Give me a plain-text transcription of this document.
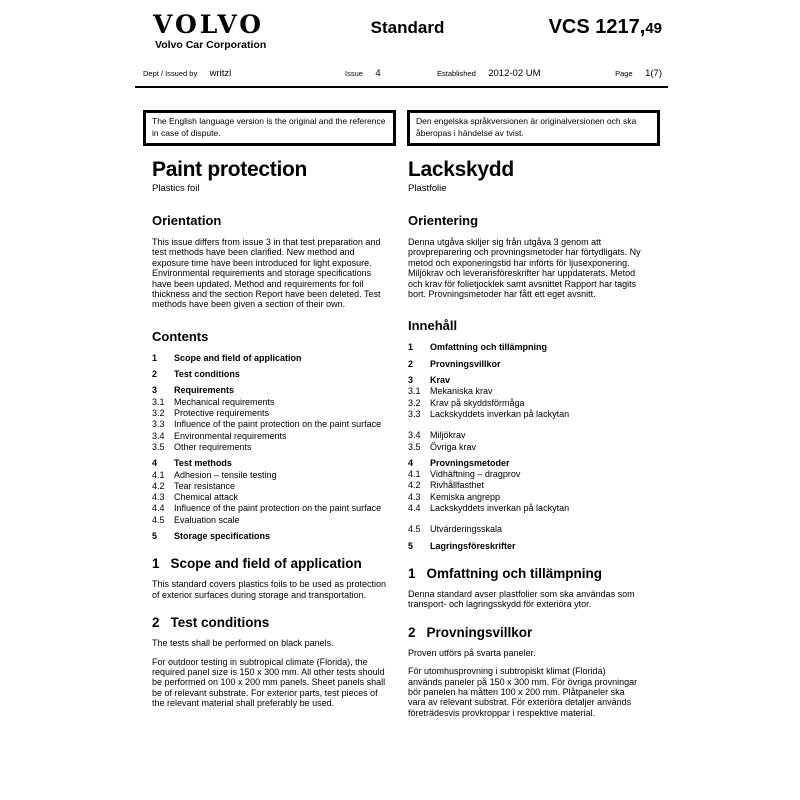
VOLVO
Volvo Car Corporation
Standard	VCS 1217,49
Dept / Issued by writzl	Issue 4	Established 2012-02 UM	Page 1(7)
The English language version is the original and the reference in case of dispute.
Den engelska språkversionen är originalversionen och ska åberopas i händelse av tvist.
Paint protection
Plastics foil
Orientation

This issue differs from issue 3 in that test preparation and test methods have been clarified. New method and exposure time have been introduced for light exposure. Environmental requirements and storage specifications have been updated. Method and requirements for foil thickness and the section Report have been deleted. Test methods have been given a section of their own.

Contents
1	Scope and field of application
2	Test conditions
3	Requirements
3.1	Mechanical requirements
3.2	Protective requirements
3.3	Influence of the paint protection on the paint surface
3.4	Environmental requirements
3.5	Other requirements
4	Test methods
4.1	Adhesion – tensile testing
4.2	Tear resistance
4.3	Chemical attack
4.4	Influence of the paint protection on the paint surface
4.5	Evaluation scale
5	Storage specifications
1 Scope and field of application

This standard covers plastics foils to be used as protection of exterior surfaces during storage and transportation.

2 Test conditions

The tests shall be performed on black panels.

For outdoor testing in subtropical climate (Florida), the required panel size is 150 x 300 mm. All other tests should be performed on 100 x 200 mm panels. Sheet panels shall be of relevant substrate. For exterior parts, test pieces of the relevant material shall preferably be used.

Lackskydd
Plastfolie
Orientering

Denna utgåva skiljer sig från utgåva 3 genom att provpreparering och provningsmetoder har förtydligats. Ny metod och exponeringstid har införts för ljusexponering. Miljökrav och leveransföreskrifter har uppdaterats. Metod och krav för folietjocklek samt avsnittet Rapport har tagits bort. Provningsmetoder har fått ett eget avsnitt.

Innehåll
1	Omfattning och tillämpning
2	Provningsvillkor
3	Krav
3.1	Mekaniska krav
3.2	Krav på skyddsförmåga
3.3	Lackskyddets inverkan på lackytan
3.4	Miljökrav
3.5	Övriga krav
4	Provningsmetoder
4.1	Vidhäftning – dragprov
4.2	Rivhållfasthet
4.3	Kemiska angrepp
4.4	Lackskyddets inverkan på lackytan
4.5	Utvärderingsskala
5	Lagringsföreskrifter
1 Omfattning och tillämpning

Denna standard avser plastfolier som ska användas som transport- och lagringsskydd för exteriöra ytor.

2 Provningsvillkor

Proven utförs på svarta paneler.

För utomhusprovning i subtropiskt klimat (Florida) används paneler på 150 x 300 mm. För övriga provningar bör panelen ha måtten 100 x 200 mm. Plåtpaneler ska vara av relevant substrat. För exteriöra detaljer används företrädesvis provkroppar i respektive material.
